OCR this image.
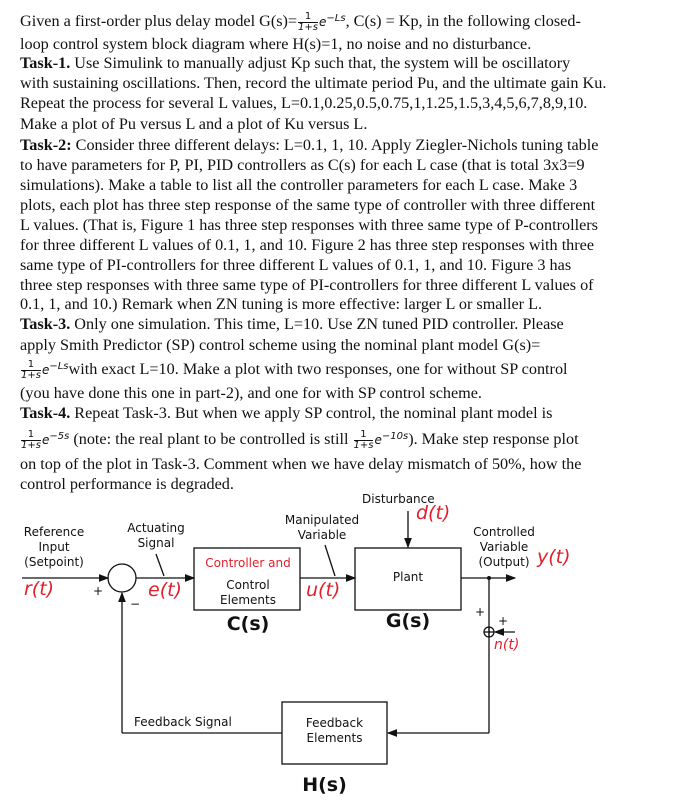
Given a first-order plus delay model $G(s)= \frac{1}{1+s} e^{-Ls}$, C(s) = Kp, in the following closed-
loop control system block diagram where H(s)=1, no noise and no disturbance.
Task-1. Use Simulink to manually adjust Kp such that, the system will be oscillatory
with sustaining oscillations. Then, record the ultimate period Pu, and the ultimate gain Ku.
Repeat the process for several L values, L=0.1,0.25,0.5,0.75,1,1.25,1.5,3,4,5,6,7,8,9,10.
Make a plot of Pu versus L and a plot of Ku versus L.
Task-2: Consider three different delays: L=0.1, 1, 10. Apply Ziegler-Nichols tuning table
to have parameters for P, PI, PID controllers as C(s) for each L case (that is total 3x3=9
simulations). Make a table to list all the controller parameters for each L case. Make 3
plots, each plot has three step response of the same type of controller with three different
L values. (That is, Figure 1 has three step responses with three same type of P-controllers
for three different L values of 0.1, 1, and 10. Figure 2 has three step responses with three
same type of PI-controllers for three different L values of 0.1, 1, and 10. Figure 3 has
three step responses with three same type of PI-controllers for three different L values of
0.1, 1, and 10.) Remark when ZN tuning is more effective: larger L or smaller L.
Task-3. Only one simulation. This time, L=10. Use ZN tuned PID controller. Please
apply Smith Predictor (SP) control scheme using the nominal plant model G(s)=
$\frac{1}{1+s}$ $e^{-Ls}with$ exact L=10. Make a plot with two responses, one for without SP control
(you have done this one in part-2), and one for with SP control scheme.
Task-4. Repeat Task-3. But when we apply SP control, the nominal plant model is
$\frac{1}{1+s} e^{-5s}$ (note: the real plant to be controlled is still $\frac{1}{1+s} e^{-10s}$). Make step response plot
on top of the plot in Task-3. Comment when we have delay mismatch of 50%, how the
control performance is degraded.
Disturbance
d(t)
Manipulated
Variable
Actuating
Signal
Reference
Input
(Setpoint)
r(t)	+
−
e(t)
Controller and
Control
Elements
C(s)
u(t)
Plant
G(s)
Controlled
Variable
(Output) y(t)
+
+
n(t)
Feedback Signal	Feedback
Elements
H(s)
